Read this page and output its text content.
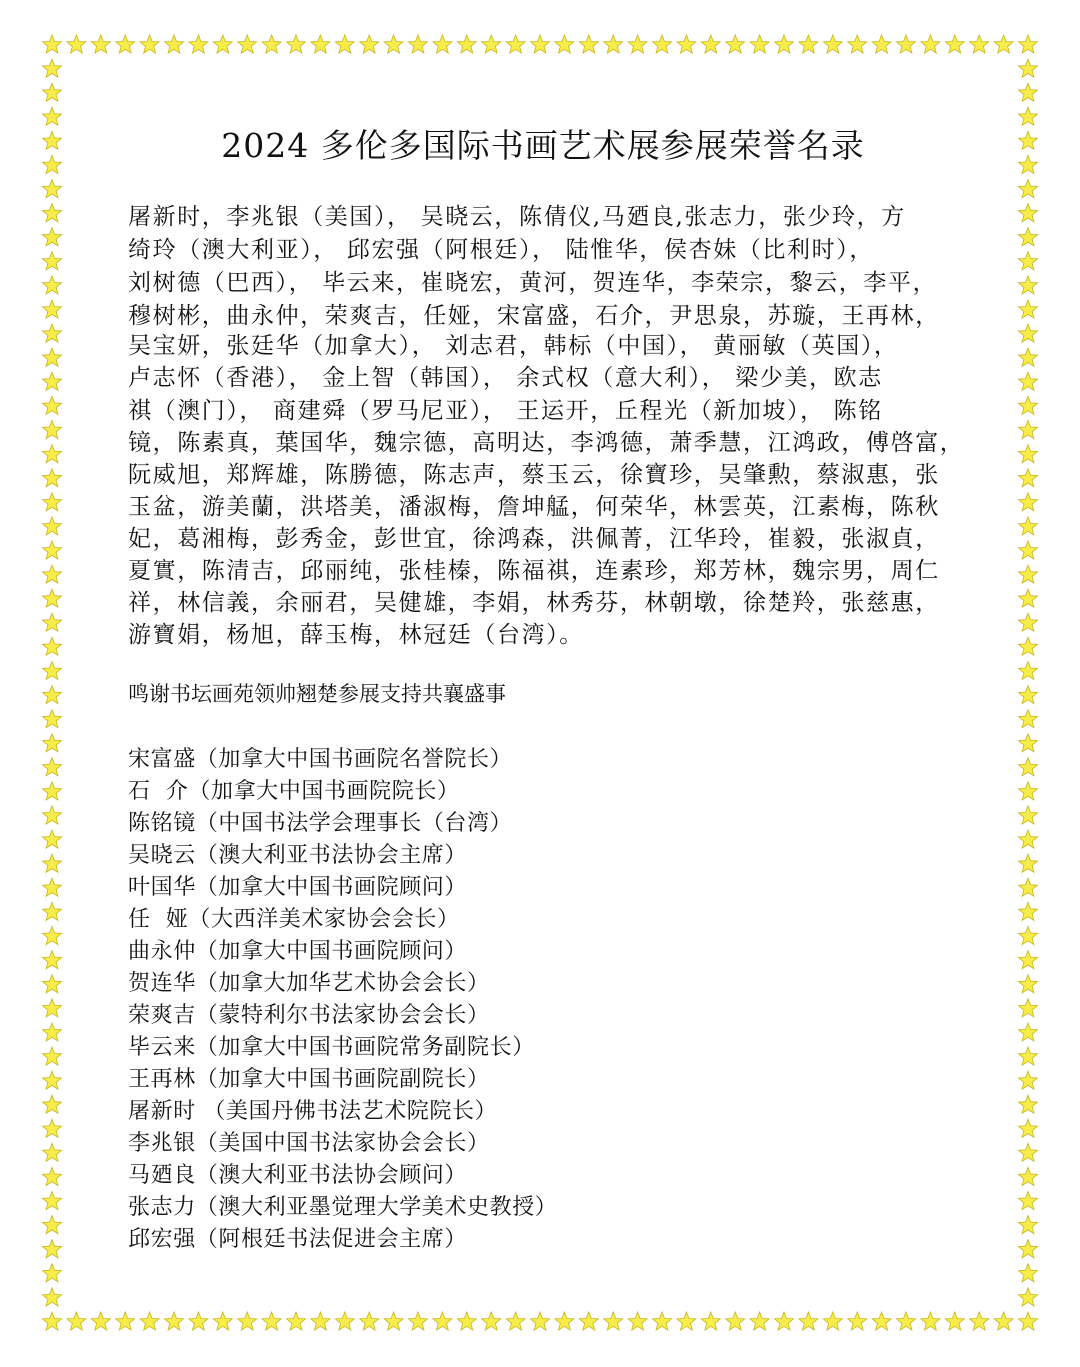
2024 多伦多国际书画艺术展参展荣誉名录
屠新时，李兆银（美国）， 吴晓云，陈倩仪,马廼良,张志力，张少玲，方
绮玲（澳大利亚）， 邱宏强（阿根廷）， 陆惟华，侯杏妹（比利时），
刘树德（巴西）， 毕云来，崔晓宏，黄河，贺连华，李荣宗，黎云，李平，
穆树彬，曲永仲，荣爽吉，任娅，宋富盛，石介，尹思泉，苏璇，王再林，
吴宝妍，张廷华（加拿大）， 刘志君，韩标（中国）， 黄丽敏（英国），
卢志怀（香港）， 金上智（韩国）， 余式权（意大利）， 梁少美，欧志
祺（澳门）， 商建舜（罗马尼亚）， 王运开，丘程光（新加坡）， 陈铭
镜，陈素真，葉国华，魏宗德，高明达，李鸿德，萧季慧，江鸿政，傅啓富，
阮威旭，郑辉雄，陈勝德，陈志声，蔡玉云，徐寶珍，吴肇勲，蔡淑惠，张
玉盆，游美蘭，洪塔美，潘淑梅，詹坤艋，何荣华，林雲英，江素梅，陈秋
妃，葛湘梅，彭秀金，彭世宜，徐鸿森，洪佩菁，江华玲，崔毅，张淑貞，
夏實，陈清吉，邱丽纯，张桂榛，陈福祺，连素珍，郑芳林，魏宗男，周仁
祥，林信義，余丽君，吴健雄，李娟，林秀芬，林朝墩，徐楚羚，张慈惠，
游寶娟，杨旭，薛玉梅，林冠廷（台湾）。
鸣谢书坛画苑领帅翘楚参展支持共襄盛事
宋富盛（加拿大中国书画院名誉院长）
石  介（加拿大中国书画院院长）
陈铭镜（中国书法学会理事长（台湾）
吴晓云（澳大利亚书法协会主席）
叶国华（加拿大中国书画院顾问）
任  娅（大西洋美术家协会会长）
曲永仲（加拿大中国书画院顾问）
贺连华（加拿大加华艺术协会会长）
荣爽吉（蒙特利尔书法家协会会长）
毕云来（加拿大中国书画院常务副院长）
王再林（加拿大中国书画院副院长）
屠新时 （美国丹佛书法艺术院院长）
李兆银（美国中国书法家协会会长）
马廼良（澳大利亚书法协会顾问）
张志力（澳大利亚墨觉理大学美术史教授）
邱宏强（阿根廷书法促进会主席）
